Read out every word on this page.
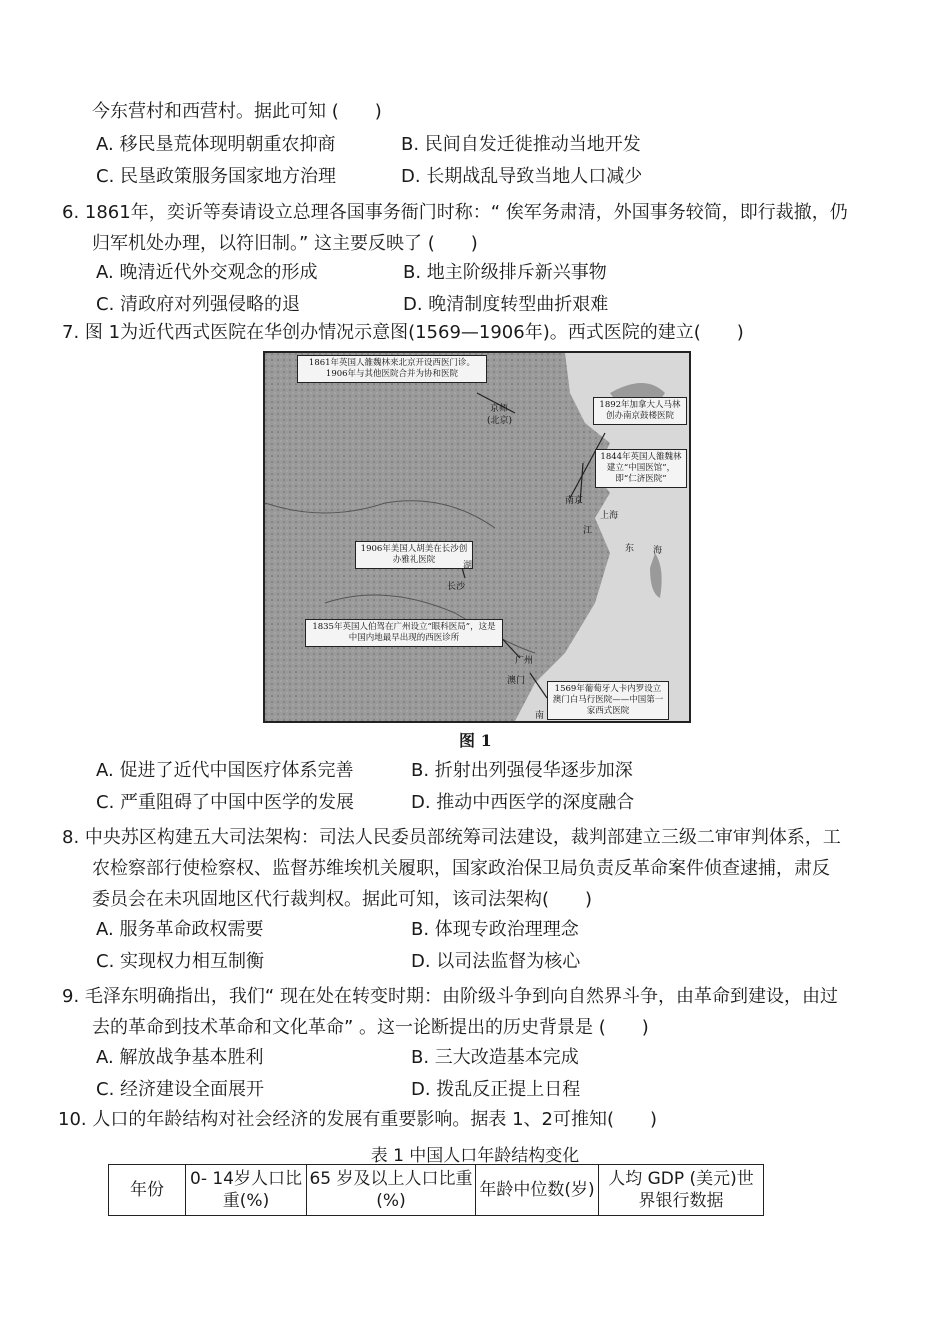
今东营村和西营村。据此可知 (　　)
A. 移民垦荒体现明朝重农抑商	B. 民间自发迁徙推动当地开发
C. 民垦政策服务国家地方治理	D. 长期战乱导致当地人口减少
6. 1861年，奕䜣等奏请设立总理各国事务衙门时称：“ 俟军务肃清，外国事务较简，即行裁撤，仍
归军机处办理，以符旧制。” 这主要反映了 (　　)
A. 晚清近代外交观念的形成	B. 地主阶级排斥新兴事物
C. 清政府对列强侵略的退	D. 晚清制度转型曲折艰难
7. 图 1为近代西式医院在华创办情况示意图(1569—1906年)。西式医院的建立(　　)
1861年英国人雒魏林来北京开设西医门诊。1906年与其他医院合并为协和医院
1892年加拿大人马林创办南京鼓楼医院
1844年英国人雒魏林建立“中国医馆”，即“仁济医院”
1906年美国人胡美在长沙创办雅礼医院
1835年英国人伯驾在广州设立“眼科医局”，这是中国内地最早出现的西医诊所
1569年葡萄牙人卡内罗设立澳门白马行医院——中国第一家西式医院
京师
(北京)
长沙
南京
上海
东 海
湖
江
南
广州
澳门
图 1
A. 促进了近代中国医疗体系完善	B. 折射出列强侵华逐步加深
C. 严重阻碍了中国中医学的发展	D. 推动中西医学的深度融合
8. 中央苏区构建五大司法架构：司法人民委员部统筹司法建设，裁判部建立三级二审审判体系，工
农检察部行使检察权、监督苏维埃机关履职，国家政治保卫局负责反革命案件侦查逮捕，肃反
委员会在未巩固地区代行裁判权。据此可知，该司法架构(　　)
A. 服务革命政权需要	B. 体现专政治理理念
C. 实现权力相互制衡	D. 以司法监督为核心
9. 毛泽东明确指出，我们“ 现在处在转变时期：由阶级斗争到向自然界斗争，由革命到建设，由过
去的革命到技术革命和文化革命” 。这一论断提出的历史背景是 (　　)
A. 解放战争基本胜利	B. 三大改造基本完成
C. 经济建设全面展开	D. 拨乱反正提上日程
10. 人口的年龄结构对社会经济的发展有重要影响。据表 1、2可推知(　　)
表 1 中国人口年龄结构变化
年份	0- 14岁人口比重(%)	65 岁及以上人口比重(%)	年龄中位数(岁)	人均 GDP (美元)世界银行数据
